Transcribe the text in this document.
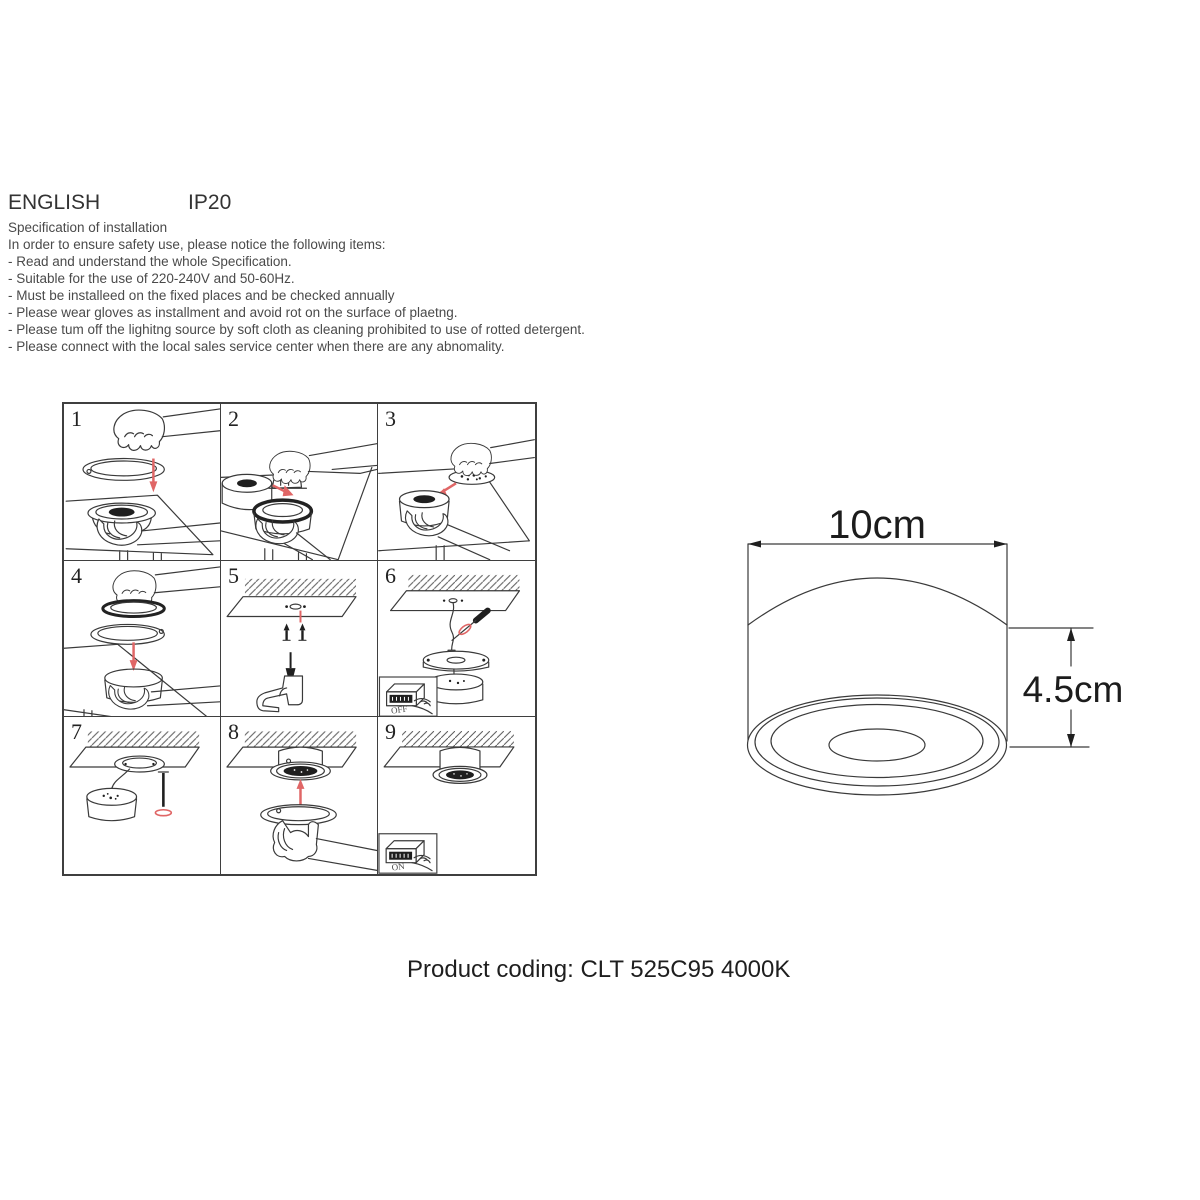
ENGLISH	IP20
Specification of installation
In order to ensure safety use, please notice the following items:
- Read and understand the whole Specification.
- Suitable for the use of 220-240V and 50-60Hz.
- Must be installeed on the fixed places and be checked annually
- Please wear gloves as installment and avoid rot on the surface of plaetng.
- Please tum off the lighitng source by soft cloth as cleaning prohibited to use of rotted detergent.
- Please connect with the local sales service center when there are any abnomality.
1	2	3
4	5	6
OFF
7	8	9
ON
10cm
4.5cm
Product coding: CLT 525C95 4000K
